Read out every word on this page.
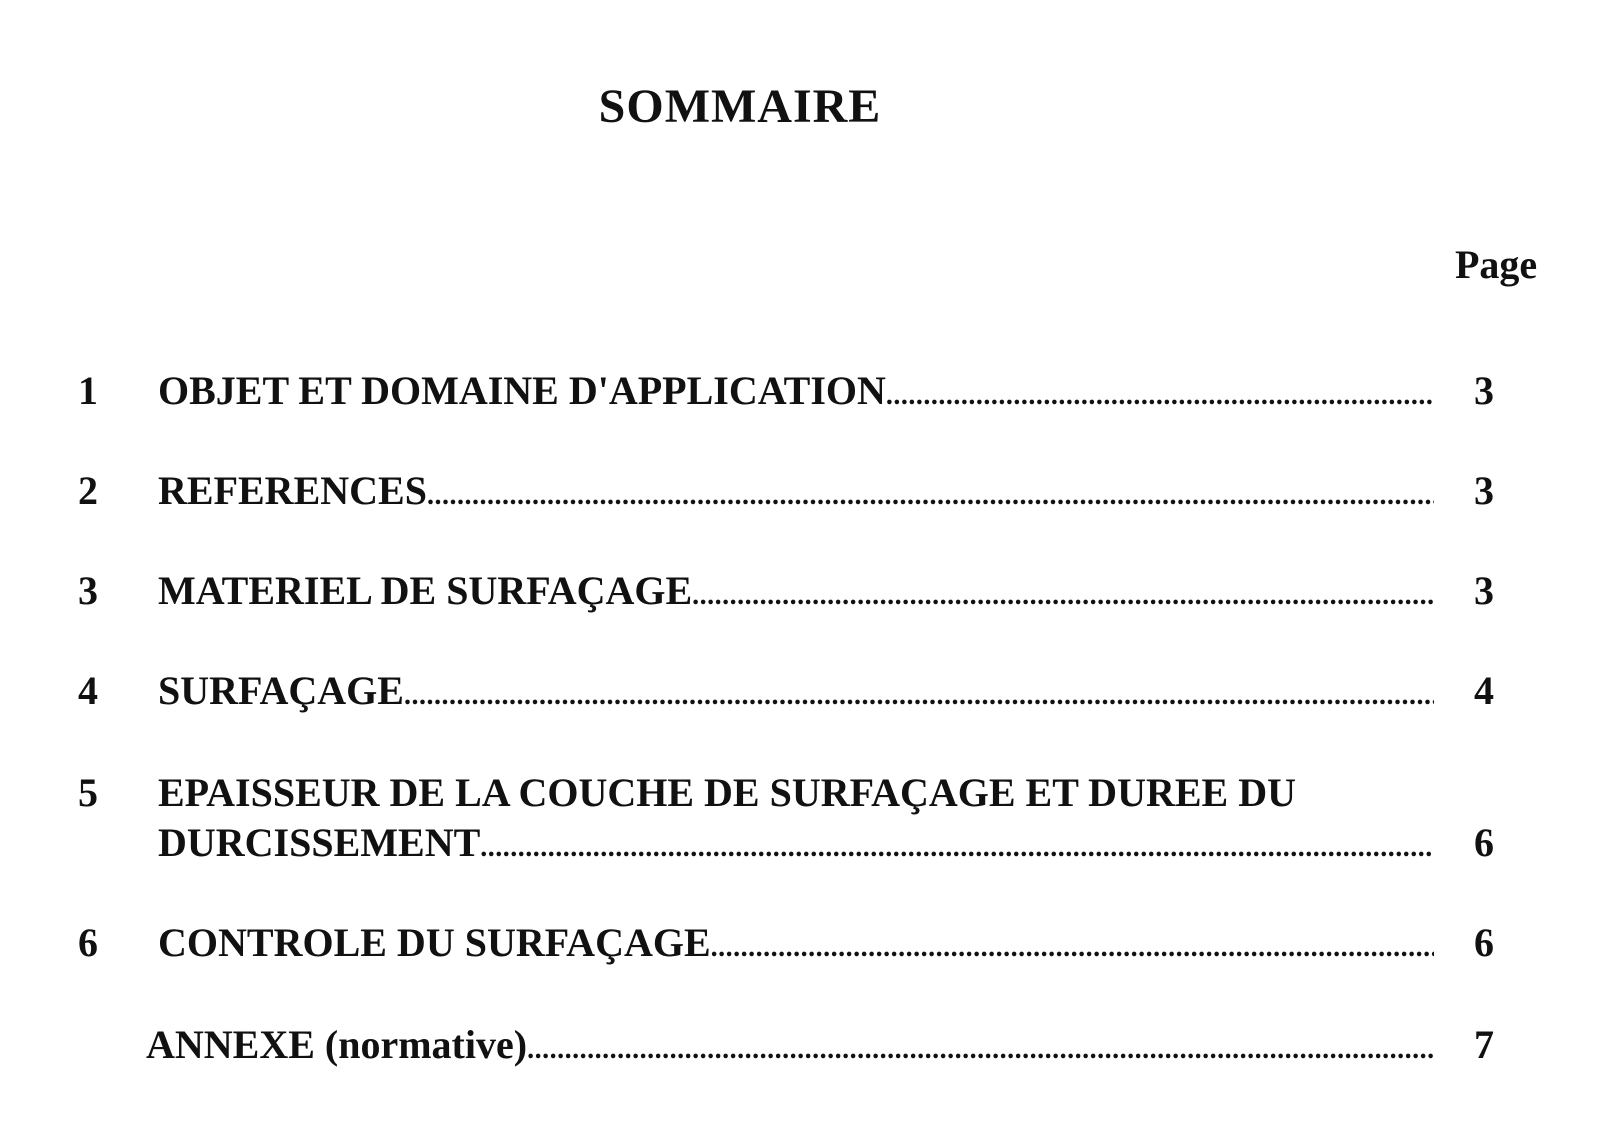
SOMMAIRE
Page
1	OBJET ET DOMAINE D'APPLICATION .....	3
2	REFERENCES .....	3
3	MATERIEL DE SURFAÇAGE .....	3
4	SURFAÇAGE .....	4
5	EPAISSEUR DE LA COUCHE DE SURFAÇAGE ET DUREE DU
DURCISSEMENT .....	6
6	CONTROLE DU SURFAÇAGE .....	6
ANNEXE (normative) .....	7
